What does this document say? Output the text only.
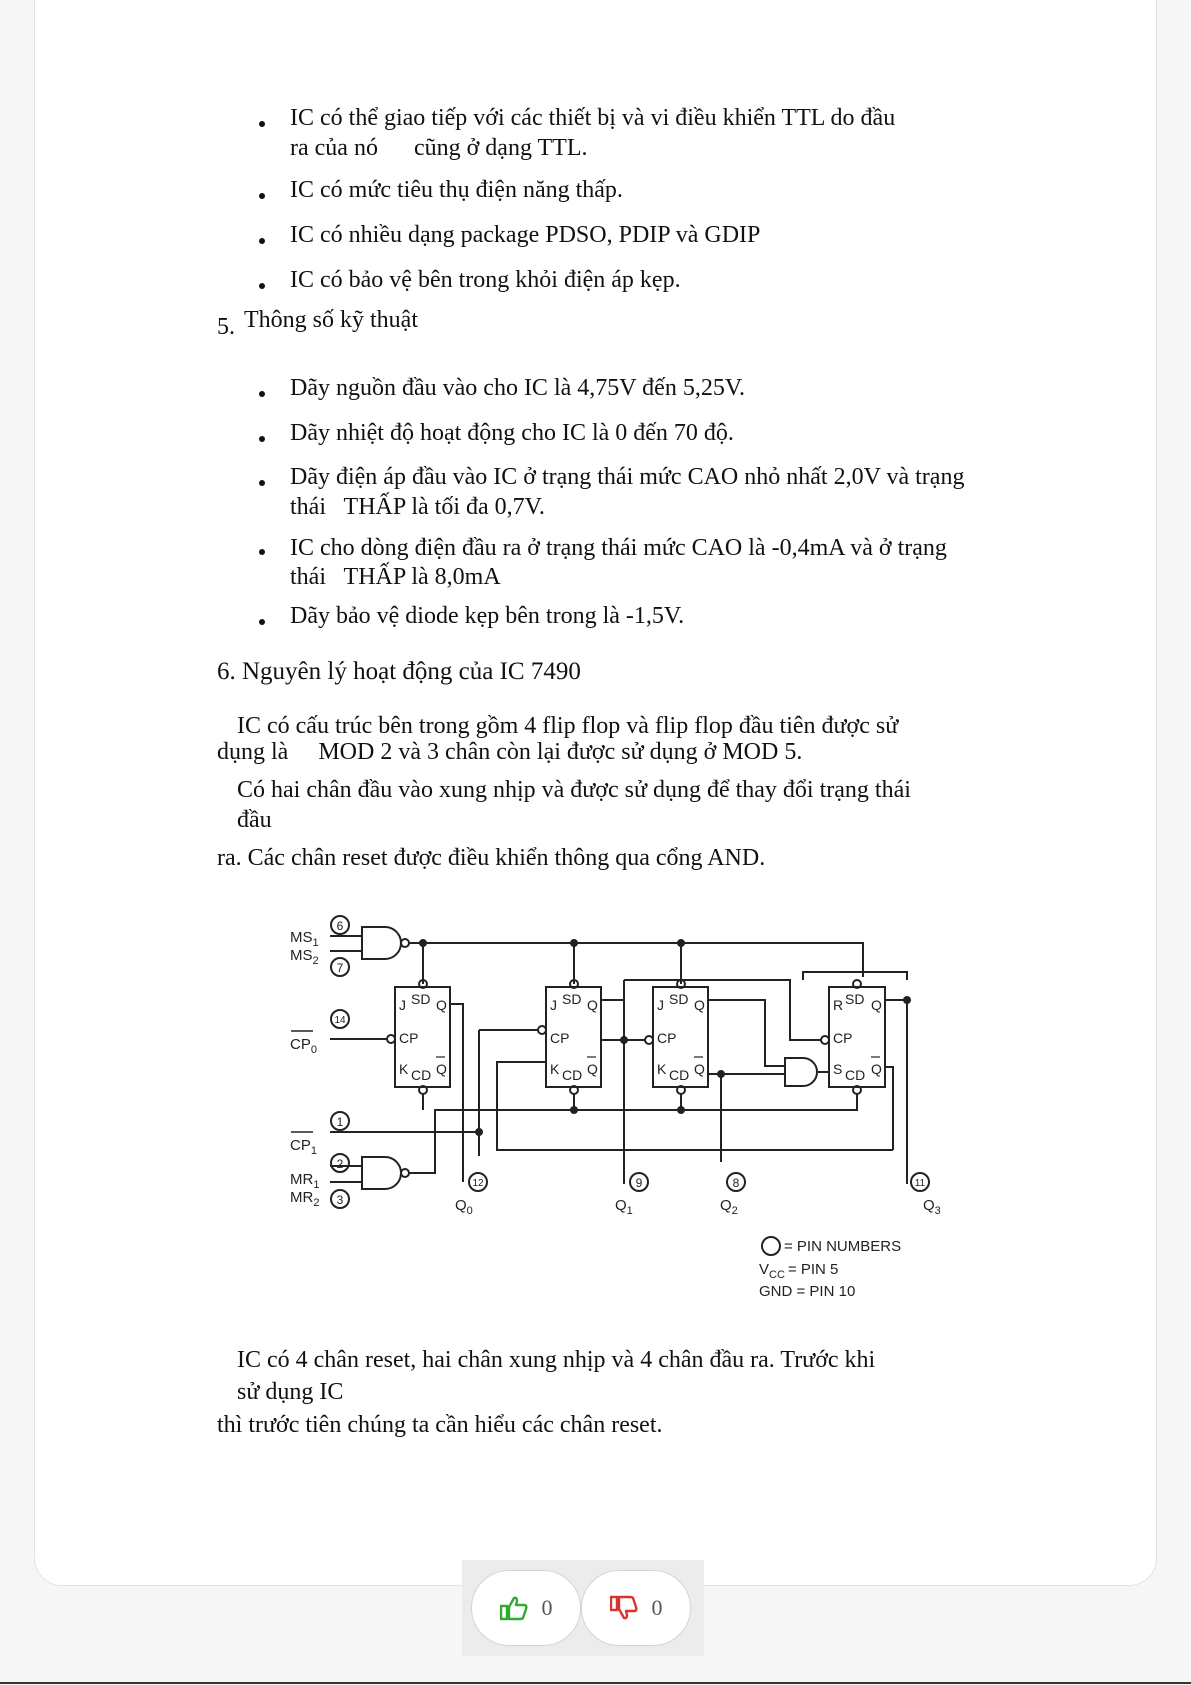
IC có thể giao tiếp với các thiết bị và vi điều khiển TTL do đầu
ra của nó      cũng ở dạng TTL.
IC có mức tiêu thụ điện năng thấp.
IC có nhiều dạng package PDSO, PDIP và GDIP
IC có bảo vệ bên trong khỏi điện áp kẹp.
5. Thông số kỹ thuật
Dãy nguồn đầu vào cho IC là 4,75V đến 5,25V.
Dãy nhiệt độ hoạt động cho IC là 0 đến 70 độ.
Dãy điện áp đầu vào IC ở trạng thái mức CAO nhỏ nhất 2,0V và trạng
thái   THẤP là tối đa 0,7V.
IC cho dòng điện đầu ra ở trạng thái mức CAO là -0,4mA và ở trạng
thái   THẤP là 8,0mA
Dãy bảo vệ diode kẹp bên trong là -1,5V.
6. Nguyên lý hoạt động của IC 7490
IC có cấu trúc bên trong gồm 4 flip flop và flip flop đầu tiên được sử
dụng là     MOD 2 và 3 chân còn lại được sử dụng ở MOD 5.
Có hai chân đầu vào xung nhịp và được sử dụng để thay đổi trạng thái
đầu
ra. Các chân reset được điều khiển thông qua cổng AND.
$MS_1$
$MS_2$
$CP_0$
$CP_1$
$MR_1$
$MR_2$
6
7
14
1
2
3
J SD Q
CP
K CD Q
J SD Q
CP
K CD Q
J SD Q
CP
K CD Q
R SD Q
CP
S CD Q
12	9	8	11
$Q_0$	$Q_1$	$Q_2$	$Q_3$
= PIN NUMBERS
$V_{CC}$ = PIN 5
GND = PIN 10
IC có 4 chân reset, hai chân xung nhịp và 4 chân đầu ra. Trước khi
sử dụng IC
thì trước tiên chúng ta cần hiểu các chân reset.
0	0
